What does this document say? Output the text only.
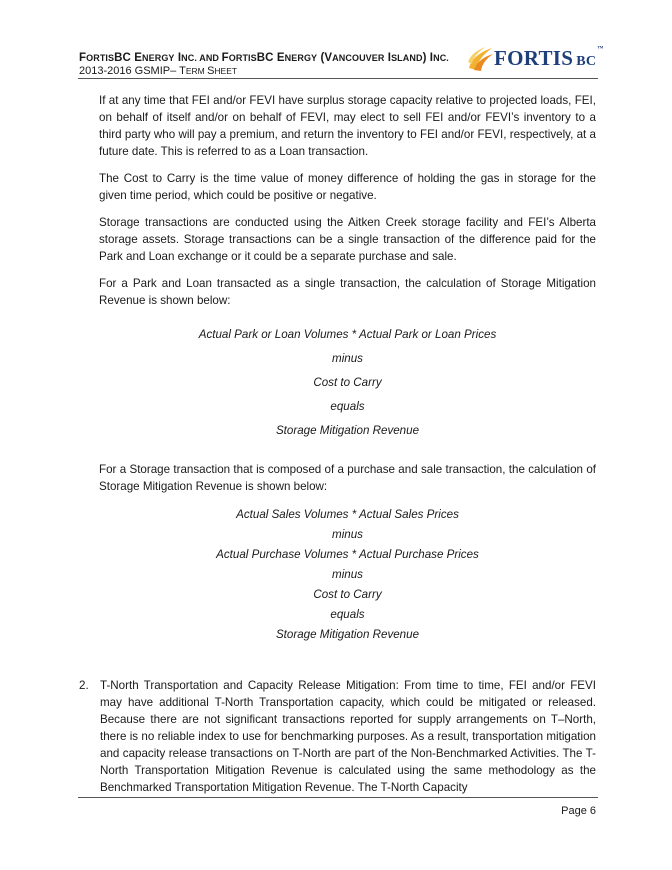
FORTISBC ENERGY INC. AND FORTISBC ENERGY (VANCOUVER ISLAND) INC.
2013-2016 GSMIP– TERM SHEET
FORTIS BC™

If at any time that FEI and/or FEVI have surplus storage capacity relative to projected loads, FEI, on behalf of itself and/or on behalf of FEVI, may elect to sell FEI and/or FEVI’s inventory to a third party who will pay a premium, and return the inventory to FEI and/or FEVI, respectively, at a future date. This is referred to as a Loan transaction.

The Cost to Carry is the time value of money difference of holding the gas in storage for the given time period, which could be positive or negative.

Storage transactions are conducted using the Aitken Creek storage facility and FEI’s Alberta storage assets. Storage transactions can be a single transaction of the difference paid for the Park and Loan exchange or it could be a separate purchase and sale.

For a Park and Loan transacted as a single transaction, the calculation of Storage Mitigation Revenue is shown below:

Actual Park or Loan Volumes * Actual Park or Loan Prices
minus
Cost to Carry
equals
Storage Mitigation Revenue

For a Storage transaction that is composed of a purchase and sale transaction, the calculation of Storage Mitigation Revenue is shown below:

Actual Sales Volumes * Actual Sales Prices
minus
Actual Purchase Volumes * Actual Purchase Prices
minus
Cost to Carry
equals
Storage Mitigation Revenue
2. T-North Transportation and Capacity Release Mitigation: From time to time, FEI and/or FEVI may have additional T-North Transportation capacity, which could be mitigated or released. Because there are not significant transactions reported for supply arrangements on T–North, there is no reliable index to use for benchmarking purposes. As a result, transportation mitigation and capacity release transactions on T-North are part of the Non-Benchmarked Activities. The T-North Transportation Mitigation Revenue is calculated using the same methodology as the Benchmarked Transportation Mitigation Revenue. The T-North Capacity
Page 6
